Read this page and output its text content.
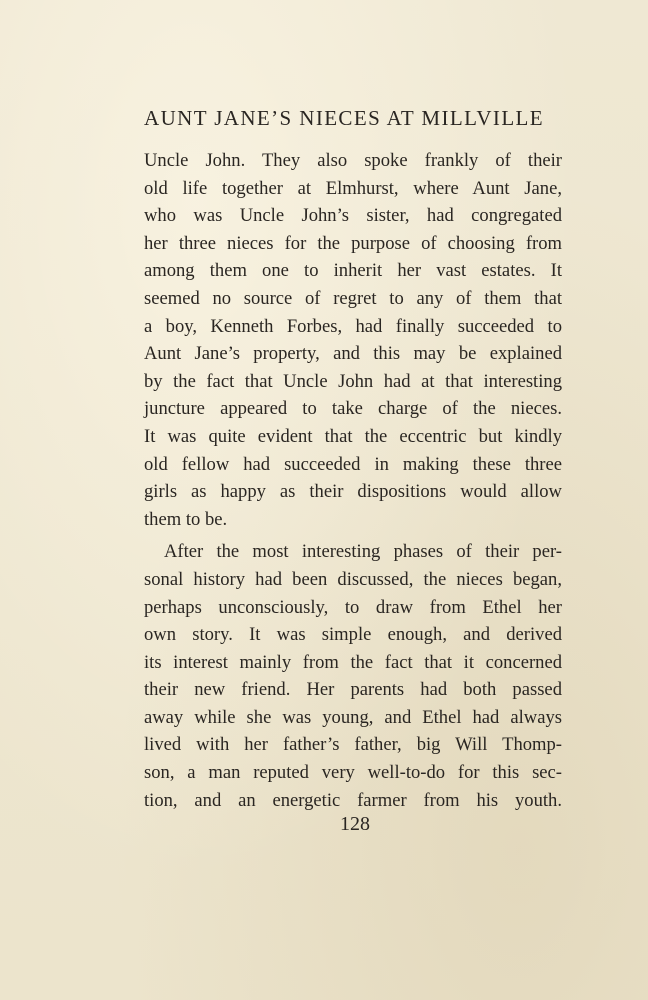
AUNT JANE’S NIECES AT MILLVILLE
Uncle John. They also spoke frankly of their
old life together at Elmhurst, where Aunt Jane,
who was Uncle John’s sister, had congregated
her three nieces for the purpose of choosing from
among them one to inherit her vast estates. It
seemed no source of regret to any of them that
a boy, Kenneth Forbes, had finally succeeded to
Aunt Jane’s property, and this may be explained
by the fact that Uncle John had at that interesting
juncture appeared to take charge of the nieces.
It was quite evident that the eccentric but kindly
old fellow had succeeded in making these three
girls as happy as their dispositions would allow
them to be.
After the most interesting phases of their per-
sonal history had been discussed, the nieces began,
perhaps unconsciously, to draw from Ethel her
own story. It was simple enough, and derived
its interest mainly from the fact that it concerned
their new friend. Her parents had both passed
away while she was young, and Ethel had always
lived with her father’s father, big Will Thomp-
son, a man reputed very well-to-do for this sec-
tion, and an energetic farmer from his youth.
128
